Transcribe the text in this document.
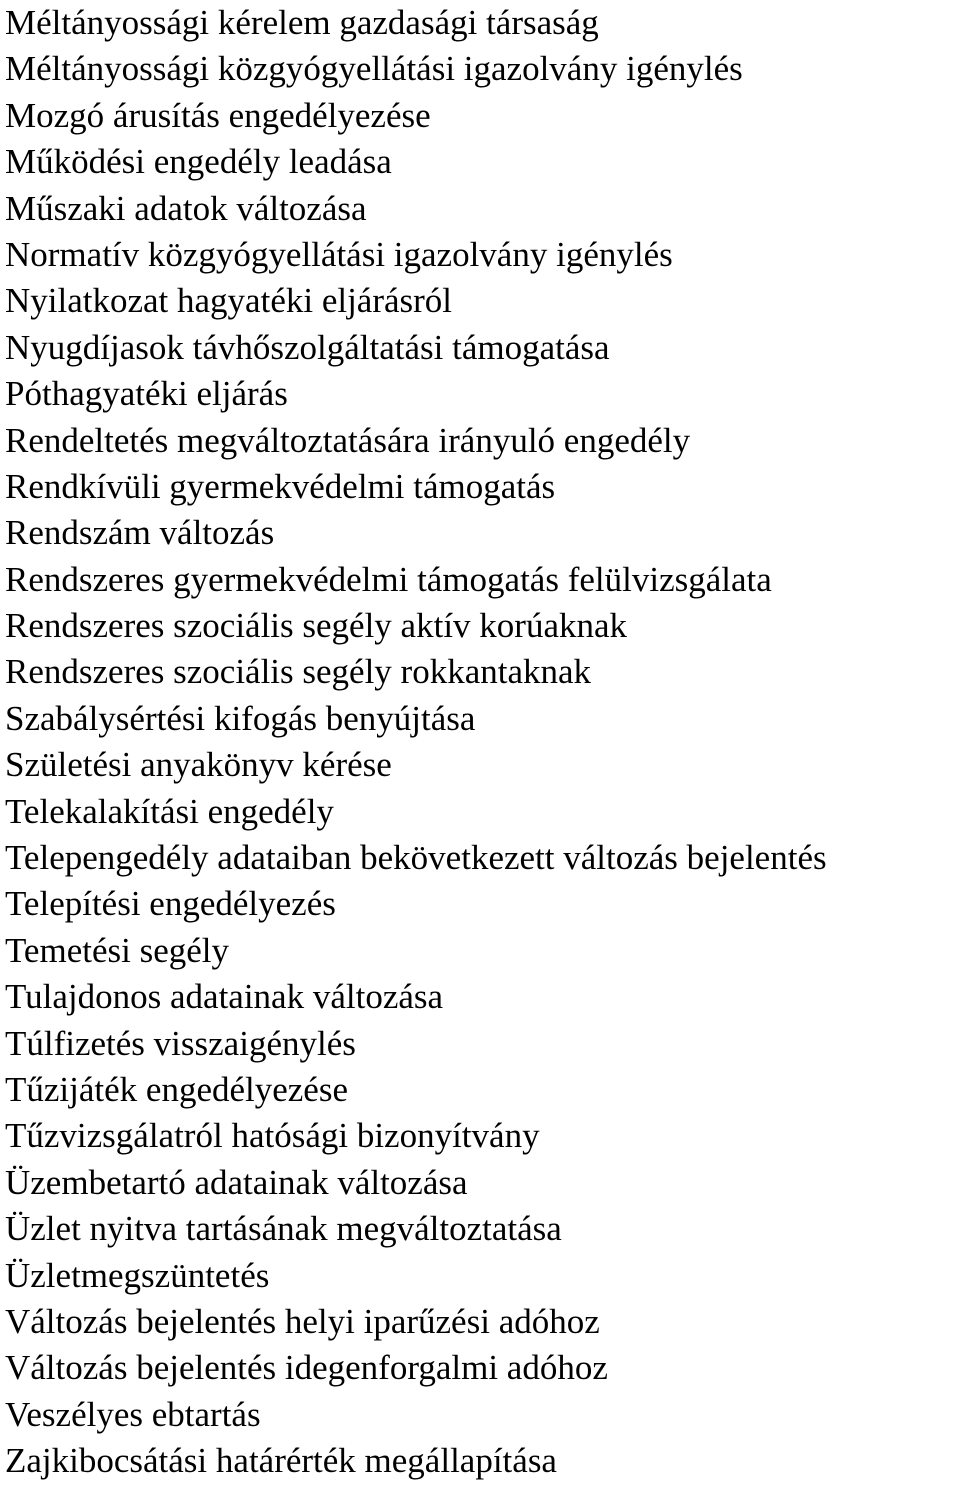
Méltányossági kérelem gazdasági társaság
Méltányossági közgyógyellátási igazolvány igénylés
Mozgó árusítás engedélyezése
Működési engedély leadása
Műszaki adatok változása
Normatív közgyógyellátási igazolvány igénylés
Nyilatkozat hagyatéki eljárásról
Nyugdíjasok távhőszolgáltatási támogatása
Póthagyatéki eljárás
Rendeltetés megváltoztatására irányuló engedély
Rendkívüli gyermekvédelmi támogatás
Rendszám változás
Rendszeres gyermekvédelmi támogatás felülvizsgálata
Rendszeres szociális segély aktív korúaknak
Rendszeres szociális segély rokkantaknak
Szabálysértési kifogás benyújtása
Születési anyakönyv kérése
Telekalakítási engedély
Telepengedély adataiban bekövetkezett változás bejelentés
Telepítési engedélyezés
Temetési segély
Tulajdonos adatainak változása
Túlfizetés visszaigénylés
Tűzijáték engedélyezése
Tűzvizsgálatról hatósági bizonyítvány
Üzembetartó adatainak változása
Üzlet nyitva tartásának megváltoztatása
Üzletmegszüntetés
Változás bejelentés helyi iparűzési adóhoz
Változás bejelentés idegenforgalmi adóhoz
Veszélyes ebtartás
Zajkibocsátási határérték megállapítása
